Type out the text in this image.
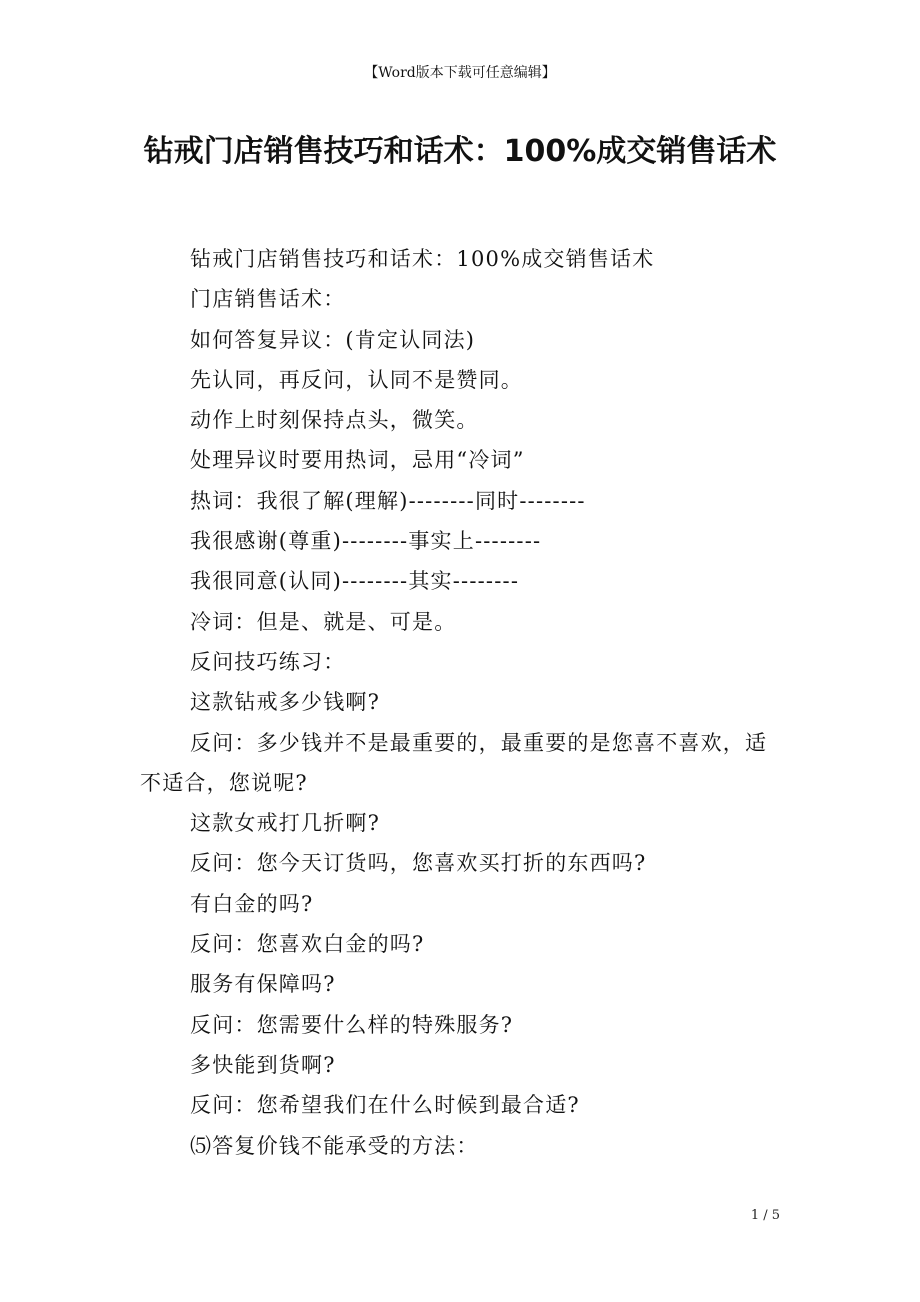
【Word版本下载可任意编辑】
钻戒门店销售技巧和话术：100%成交销售话术

钻戒门店销售技巧和话术：100%成交销售话术

门店销售话术：

如何答复异议：(肯定认同法)

先认同，再反问，认同不是赞同。

动作上时刻保持点头，微笑。

处理异议时要用热词，忌用“冷词”

热词：我很了解(理解)--------同时--------

我很感谢(尊重)--------事实上--------

我很同意(认同)--------其实--------

冷词：但是、就是、可是。

反问技巧练习：

这款钻戒多少钱啊?

反问：多少钱并不是最重要的，最重要的是您喜不喜欢，适不适合，您说呢?

这款女戒打几折啊?

反问：您今天订货吗，您喜欢买打折的东西吗?

有白金的吗?

反问：您喜欢白金的吗?

服务有保障吗?

反问：您需要什么样的特殊服务?

多快能到货啊?

反问：您希望我们在什么时候到最合适?

⑸答复价钱不能承受的方法：

1 / 5
